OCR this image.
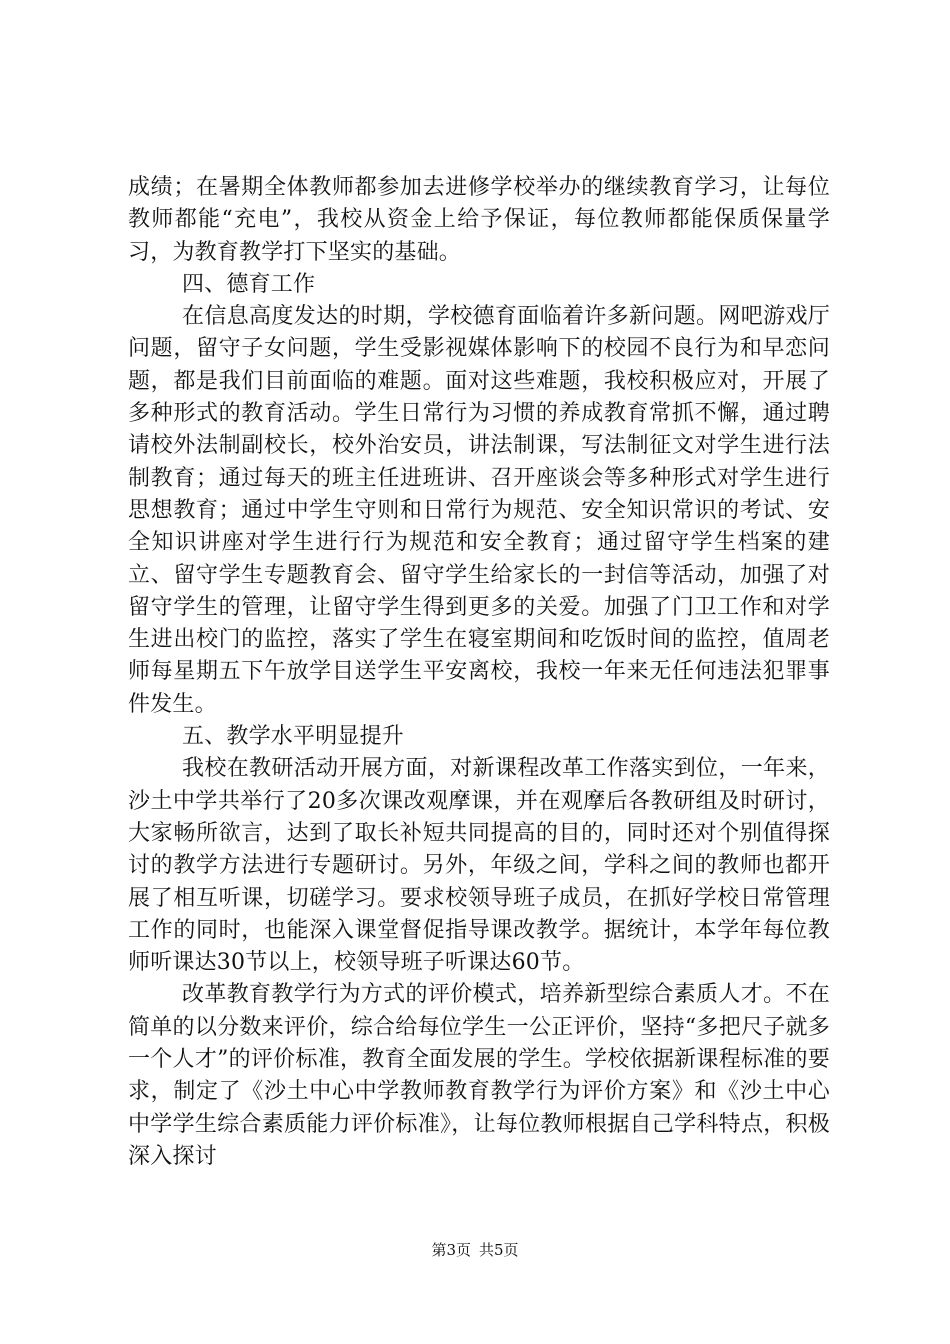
成绩；在暑期全体教师都参加去进修学校举办的继续教育学习，让每位教师都能“充电”，我校从资金上给予保证，每位教师都能保质保量学习，为教育教学打下坚实的基础。

四、德育工作

在信息高度发达的时期，学校德育面临着许多新问题。网吧游戏厅问题，留守子女问题，学生受影视媒体影响下的校园不良行为和早恋问题，都是我们目前面临的难题。面对这些难题，我校积极应对，开展了多种形式的教育活动。学生日常行为习惯的养成教育常抓不懈，通过聘请校外法制副校长，校外治安员，讲法制课，写法制征文对学生进行法制教育；通过每天的班主任进班讲、召开座谈会等多种形式对学生进行思想教育；通过中学生守则和日常行为规范、安全知识常识的考试、安全知识讲座对学生进行行为规范和安全教育；通过留守学生档案的建立、留守学生专题教育会、留守学生给家长的一封信等活动，加强了对留守学生的管理，让留守学生得到更多的关爱。加强了门卫工作和对学生进出校门的监控，落实了学生在寝室期间和吃饭时间的监控，值周老师每星期五下午放学目送学生平安离校，我校一年来无任何违法犯罪事件发生。

五、教学水平明显提升

我校在教研活动开展方面，对新课程改革工作落实到位，一年来，沙土中学共举行了20多次课改观摩课，并在观摩后各教研组及时研讨，大家畅所欲言，达到了取长补短共同提高的目的，同时还对个别值得探讨的教学方法进行专题研讨。另外，年级之间，学科之间的教师也都开展了相互听课，切磋学习。要求校领导班子成员，在抓好学校日常管理工作的同时，也能深入课堂督促指导课改教学。据统计，本学年每位教师听课达30节以上，校领导班子听课达60节。

改革教育教学行为方式的评价模式，培养新型综合素质人才。不在简单的以分数来评价，综合给每位学生一公正评价，坚持“多把尺子就多一个人才”的评价标准，教育全面发展的学生。学校依据新课程标准的要求，制定了《沙土中心中学教师教育教学行为评价方案》和《沙土中心中学学生综合素质能力评价标准》，让每位教师根据自己学科特点，积极深入探讨

第3页 共5页
